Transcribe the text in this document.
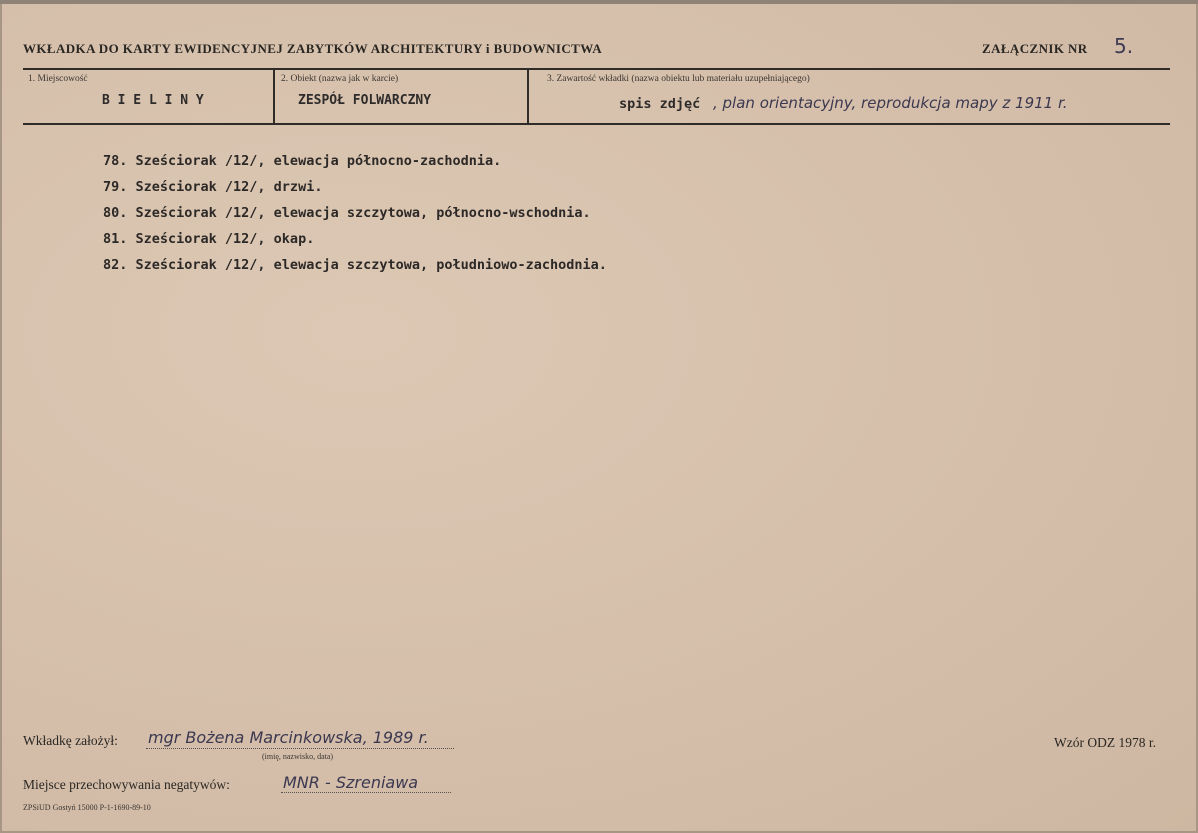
WKŁADKA DO KARTY EWIDENCYJNEJ ZABYTKÓW ARCHITEKTURY i BUDOWNICTWA	ZAŁĄCZNIK NR 5.
1. Miejscowość
B I E L I N Y
2. Obiekt (nazwa jak w karcie)
ZESPÓŁ FOLWARCZNY
3. Zawartość wkładki (nazwa obiektu lub materiału uzupełniającego)
spis zdjęć , plan orientacyjny, reprodukcja mapy z 1911 r.
78. Sześciorak /12/, elewacja północno-zachodnia.
79. Sześciorak /12/, drzwi.
80. Sześciorak /12/, elewacja szczytowa, północno-wschodnia.
81. Sześciorak /12/, okap.
82. Sześciorak /12/, elewacja szczytowa, południowo-zachodnia.
Wkładkę założył: mgr Bożena Marcinkowska, 1989 r.
(imię, nazwisko, data)
Wzór ODZ 1978 r.
Miejsce przechowywania negatywów:	MNR - Szreniawa
ZPSiUD Gostyń 15000 P-1-1690-89-10
